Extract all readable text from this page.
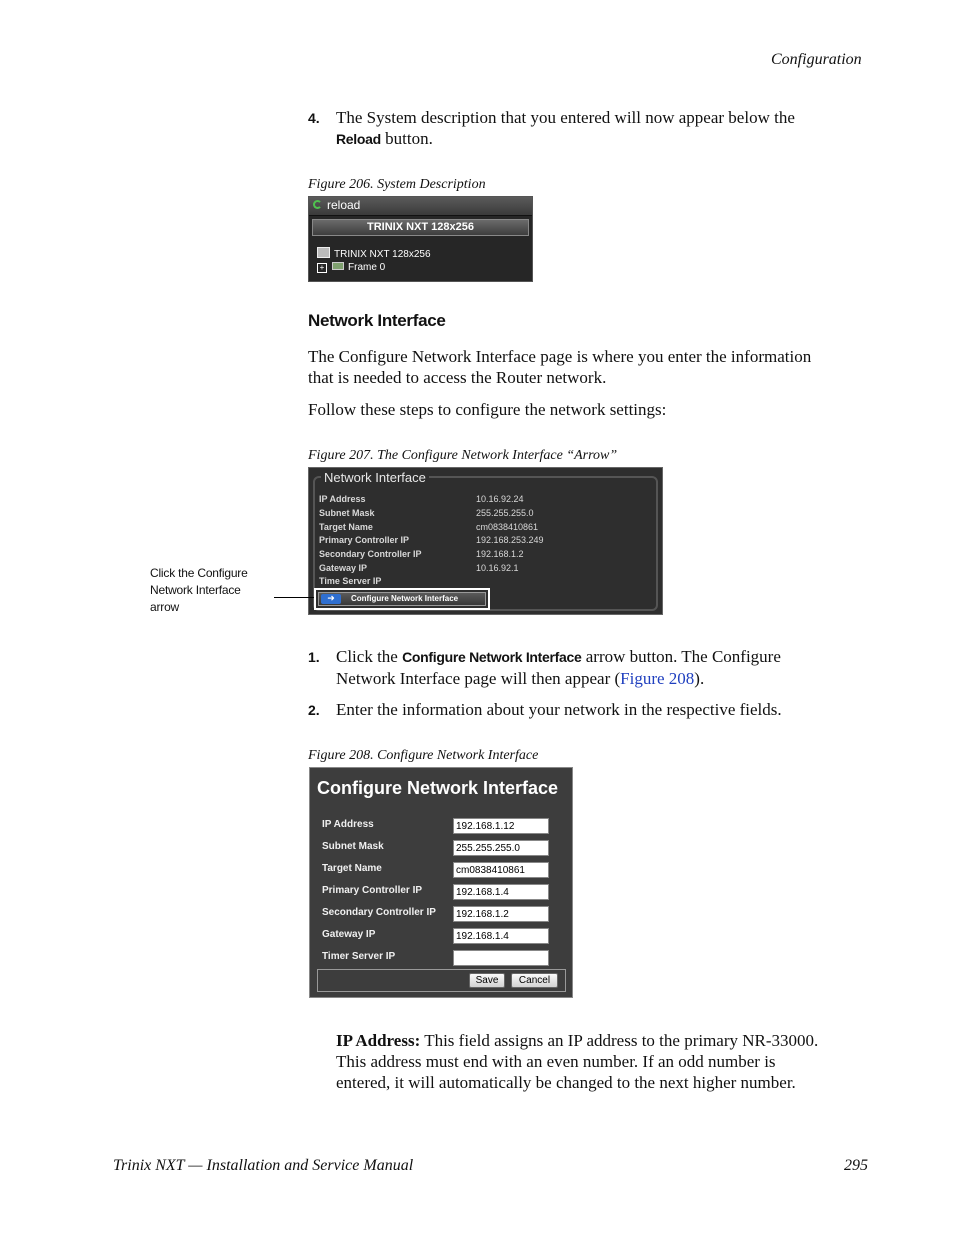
Configuration
4. The System description that you entered will now appear below the
Reload button.
Figure 206. System Description
reload
TRINIX NXT 128x256
TRINIX NXT 128x256
+ Frame 0
Network Interface
The Configure Network Interface page is where you enter the information
that is needed to access the Router network.
Follow these steps to configure the network settings:
Figure 207. The Configure Network Interface “Arrow”
Network Interface
IP Address	10.16.92.24
Subnet Mask	255.255.255.0
Target Name	cm0838410861
Primary Controller IP	192.168.253.249
Secondary Controller IP	192.168.1.2
Gateway IP	10.16.92.1
Time Server IP
➜	Configure Network Interface
Click the Configure
Network Interface
arrow
1. Click the Configure Network Interface arrow button. The Configure
Network Interface page will then appear (Figure 208).
2. Enter the information about your network in the respective fields.
Figure 208. Configure Network Interface
Configure Network Interface
IP Address	192.168.1.12
Subnet Mask	255.255.255.0
Target Name	cm0838410861
Primary Controller IP	192.168.1.4
Secondary Controller IP	192.168.1.2
Gateway IP	192.168.1.4
Timer Server IP
Save	Cancel
IP Address: This field assigns an IP address to the primary NR-33000.
This address must end with an even number. If an odd number is
entered, it will automatically be changed to the next higher number.
Trinix NXT — Installation and Service Manual	295
